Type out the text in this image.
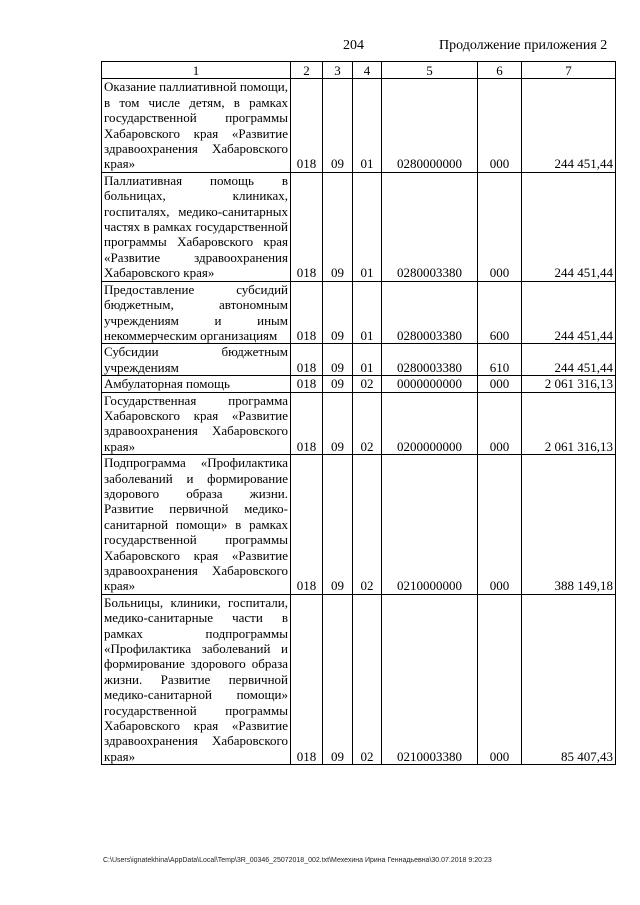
204	Продолжение приложения 2
1	2	3	4	5	6	7
Оказание паллиативной помощи, в том числе детям, в рамках государственной программы Хабаровского края «Развитие здравоохранения Хабаровского края»	018	09	01	0280000000	000	244 451,44
Паллиативная помощь в больницах, клиниках, госпиталях, медико-санитарных частях в рамках государственной программы Хабаровского края «Развитие здравоохранения Хабаровского края»	018	09	01	0280003380	000	244 451,44
Предоставление субсидий бюджетным, автономным учреждениям и иным некоммерческим организациям	018	09	01	0280003380	600	244 451,44
Субсидии бюджетным учреждениям	018	09	01	0280003380	610	244 451,44
Амбулаторная помощь	018	09	02	0000000000	000	2 061 316,13
Государственная программа Хабаровского края «Развитие здравоохранения Хабаровского края»	018	09	02	0200000000	000	2 061 316,13
Подпрограмма «Профилактика заболеваний и формирование здорового образа жизни. Развитие первичной медико-санитарной помощи» в рамках государственной программы Хабаровского края «Развитие здравоохранения Хабаровского края»	018	09	02	0210000000	000	388 149,18
Больницы, клиники, госпитали, медико-санитарные части в рамках подпрограммы «Профилактика заболеваний и формирование здорового образа жизни. Развитие первичной медико-санитарной помощи» государственной программы Хабаровского края «Развитие здравоохранения Хабаровского края»	018	09	02	0210003380	000	85 407,43
C:\Users\ignatekhina\AppData\Local\Temp\3R_00346_25072018_002.txt\Мехехина Ирина Геннадьевна\30.07.2018 9:20:23
